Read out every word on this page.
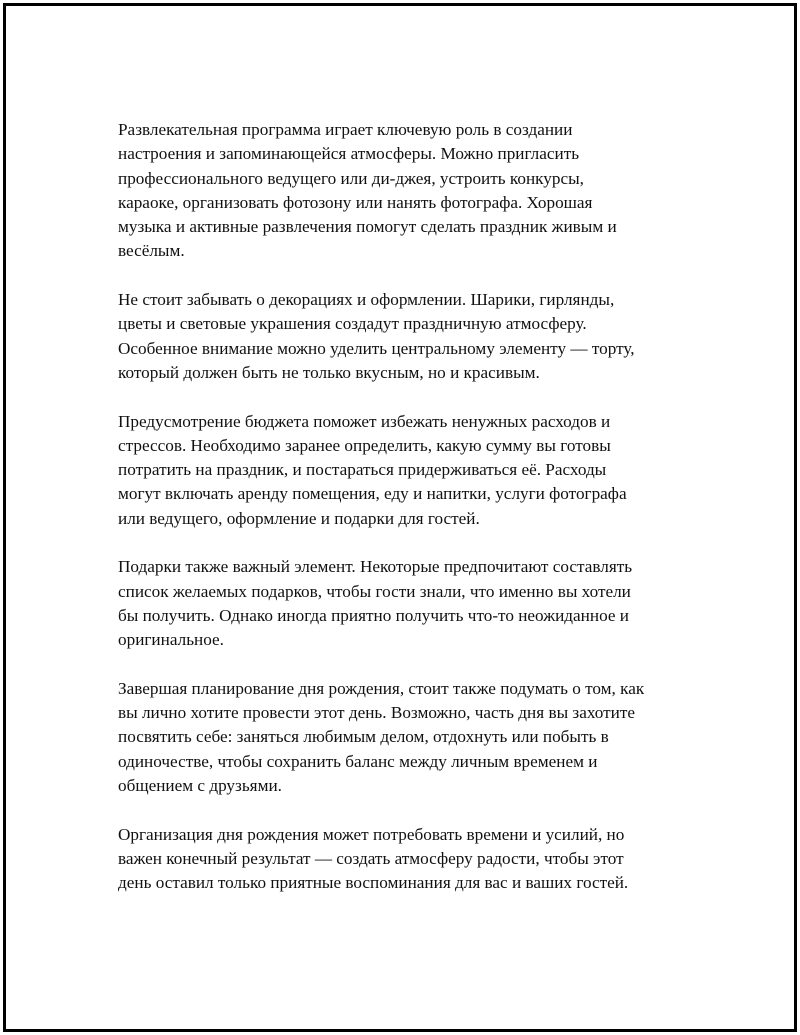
Развлекательная программа играет ключевую роль в создании
настроения и запоминающейся атмосферы. Можно пригласить
профессионального ведущего или ди-джея, устроить конкурсы,
караоке, организовать фотозону или нанять фотографа. Хорошая
музыка и активные развлечения помогут сделать праздник живым и
весёлым.

Не стоит забывать о декорациях и оформлении. Шарики, гирлянды,
цветы и световые украшения создадут праздничную атмосферу.
Особенное внимание можно уделить центральному элементу — торту,
который должен быть не только вкусным, но и красивым.

Предусмотрение бюджета поможет избежать ненужных расходов и
стрессов. Необходимо заранее определить, какую сумму вы готовы
потратить на праздник, и постараться придерживаться её. Расходы
могут включать аренду помещения, еду и напитки, услуги фотографа
или ведущего, оформление и подарки для гостей.

Подарки также важный элемент. Некоторые предпочитают составлять
список желаемых подарков, чтобы гости знали, что именно вы хотели
бы получить. Однако иногда приятно получить что-то неожиданное и
оригинальное.

Завершая планирование дня рождения, стоит также подумать о том, как
вы лично хотите провести этот день. Возможно, часть дня вы захотите
посвятить себе: заняться любимым делом, отдохнуть или побыть в
одиночестве, чтобы сохранить баланс между личным временем и
общением с друзьями.

Организация дня рождения может потребовать времени и усилий, но
важен конечный результат — создать атмосферу радости, чтобы этот
день оставил только приятные воспоминания для вас и ваших гостей.
